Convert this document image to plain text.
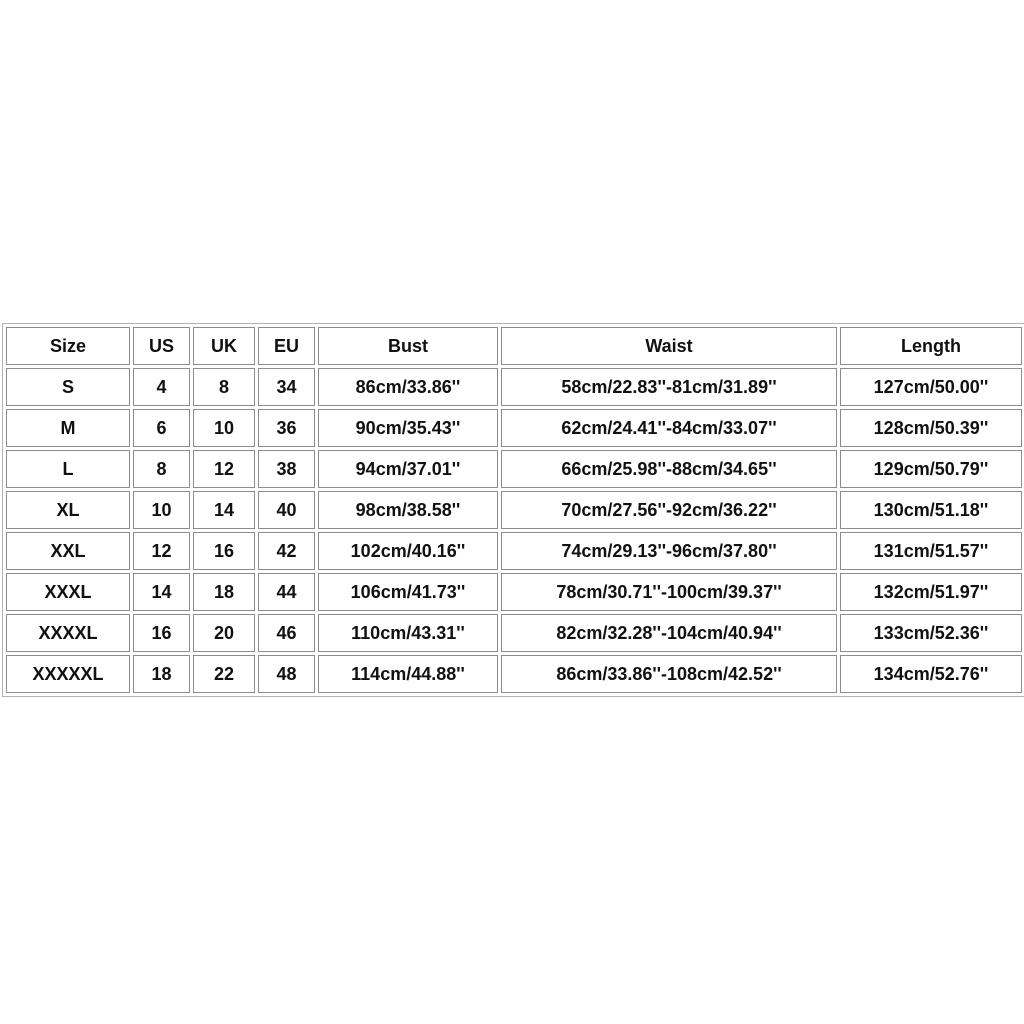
Size	US	UK	EU	Bust	Waist	Length
S	4	8	34	86cm/33.86''	58cm/22.83''-81cm/31.89''	127cm/50.00''
M	6	10	36	90cm/35.43''	62cm/24.41''-84cm/33.07''	128cm/50.39''
L	8	12	38	94cm/37.01''	66cm/25.98''-88cm/34.65''	129cm/50.79''
XL	10	14	40	98cm/38.58''	70cm/27.56''-92cm/36.22''	130cm/51.18''
XXL	12	16	42	102cm/40.16''	74cm/29.13''-96cm/37.80''	131cm/51.57''
XXXL	14	18	44	106cm/41.73''	78cm/30.71''-100cm/39.37''	132cm/51.97''
XXXXL	16	20	46	110cm/43.31''	82cm/32.28''-104cm/40.94''	133cm/52.36''
XXXXXL	18	22	48	114cm/44.88''	86cm/33.86''-108cm/42.52''	134cm/52.76''
